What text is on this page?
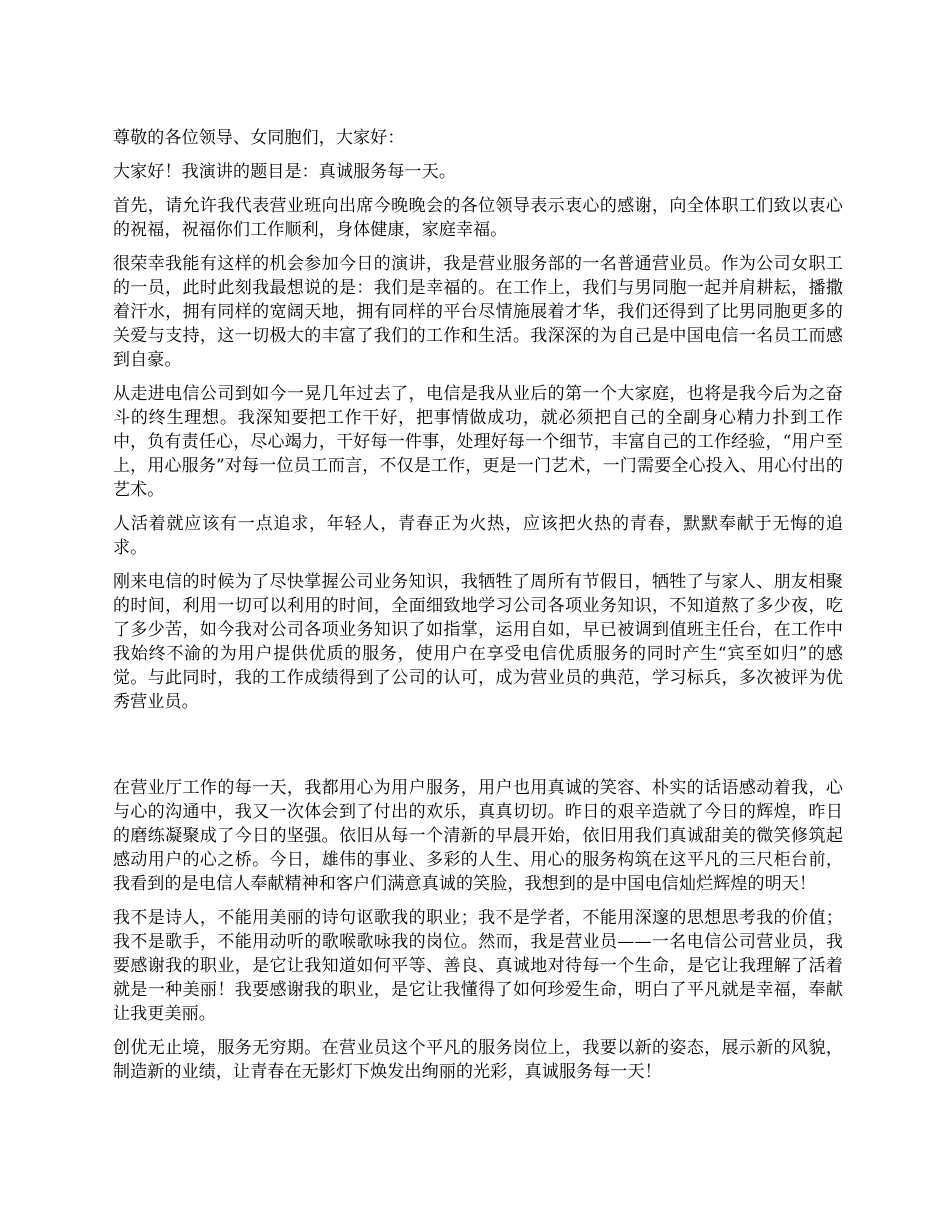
尊敬的各位领导、女同胞们，大家好：

大家好！我演讲的题目是：真诚服务每一天。

首先，请允许我代表营业班向出席今晚晚会的各位领导表示衷心的感谢，向全体职工们致以衷心的祝福，祝福你们工作顺利，身体健康，家庭幸福。

很荣幸我能有这样的机会参加今日的演讲，我是营业服务部的一名普通营业员。作为公司女职工的一员，此时此刻我最想说的是：我们是幸福的。在工作上，我们与男同胞一起并肩耕耘，播撒着汗水，拥有同样的宽阔天地，拥有同样的平台尽情施展着才华，我们还得到了比男同胞更多的关爱与支持，这一切极大的丰富了我们的工作和生活。我深深的为自己是中国电信一名员工而感到自豪。

从走进电信公司到如今一晃几年过去了，电信是我从业后的第一个大家庭，也将是我今后为之奋斗的终生理想。我深知要把工作干好，把事情做成功，就必须把自己的全副身心精力扑到工作中，负有责任心，尽心竭力，干好每一件事，处理好每一个细节，丰富自己的工作经验，“用户至上，用心服务”对每一位员工而言，不仅是工作，更是一门艺术，一门需要全心投入、用心付出的艺术。

人活着就应该有一点追求，年轻人，青春正为火热，应该把火热的青春，默默奉献于无悔的追求。

刚来电信的时候为了尽快掌握公司业务知识，我牺牲了周所有节假日，牺牲了与家人、朋友相聚的时间，利用一切可以利用的时间，全面细致地学习公司各项业务知识，不知道熬了多少夜，吃了多少苦，如今我对公司各项业务知识了如指掌，运用自如，早已被调到值班主任台，在工作中我始终不渝的为用户提供优质的服务，使用户在享受电信优质服务的同时产生“宾至如归”的感觉。与此同时，我的工作成绩得到了公司的认可，成为营业员的典范，学习标兵，多次被评为优秀营业员。

在营业厅工作的每一天，我都用心为用户服务，用户也用真诚的笑容、朴实的话语感动着我，心与心的沟通中，我又一次体会到了付出的欢乐，真真切切。昨日的艰辛造就了今日的辉煌，昨日的磨练凝聚成了今日的坚强。依旧从每一个清新的早晨开始，依旧用我们真诚甜美的微笑修筑起感动用户的心之桥。今日，雄伟的事业、多彩的人生、用心的服务构筑在这平凡的三尺柜台前，我看到的是电信人奉献精神和客户们满意真诚的笑脸，我想到的是中国电信灿烂辉煌的明天！

我不是诗人，不能用美丽的诗句讴歌我的职业；我不是学者，不能用深邃的思想思考我的价值；我不是歌手，不能用动听的歌喉歌咏我的岗位。然而，我是营业员——一名电信公司营业员，我要感谢我的职业，是它让我知道如何平等、善良、真诚地对待每一个生命，是它让我理解了活着就是一种美丽！我要感谢我的职业，是它让我懂得了如何珍爱生命，明白了平凡就是幸福，奉献让我更美丽。

创优无止境，服务无穷期。在营业员这个平凡的服务岗位上，我要以新的姿态，展示新的风貌，制造新的业绩，让青春在无影灯下焕发出绚丽的光彩，真诚服务每一天！
